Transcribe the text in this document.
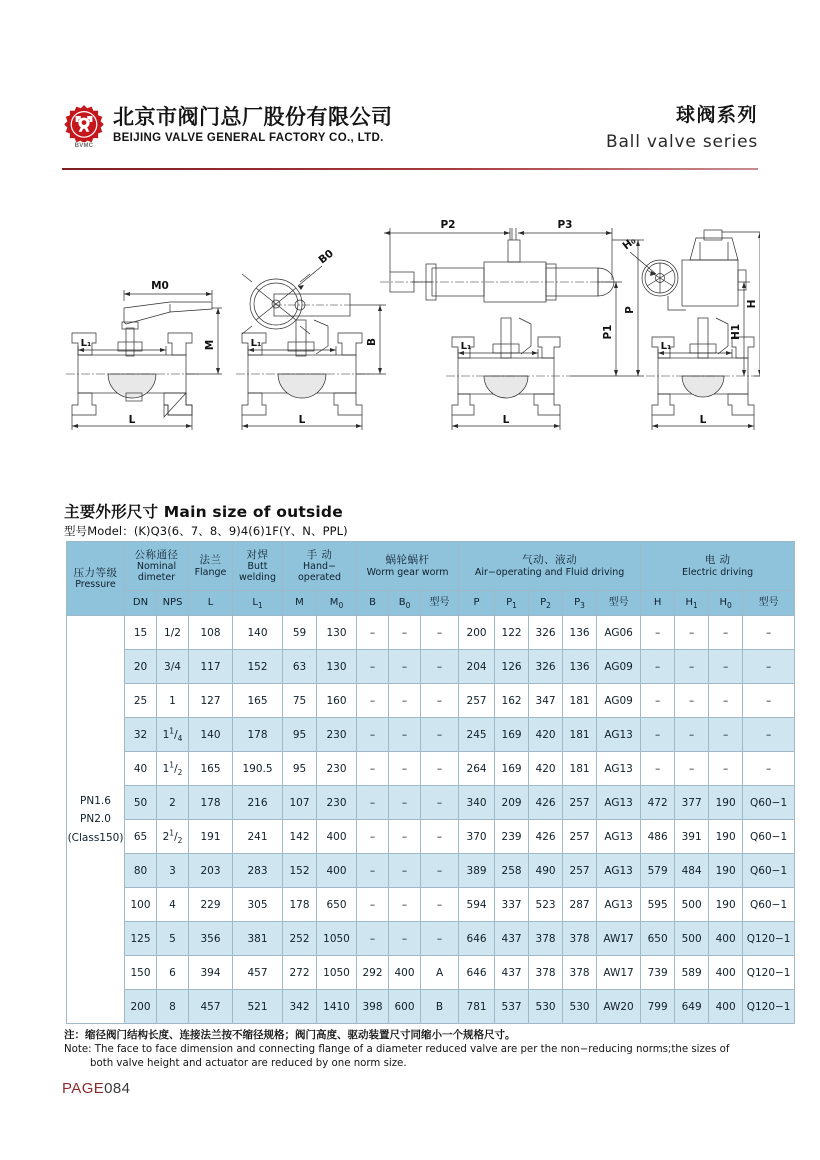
BVMC
北京市阀门总厂股份有限公司
BEIJING VALVE GENERAL FACTORY CO., LTD.
球阀系列
Ball valve series
M0
M
L₁
L
B0
B
L₁
L
P2	P3
P
P1
L₁
L
H₀
H
H1
L₁
L
主要外形尺寸 Main size of outside
型号Model：(K)Q3(6、7、8、9)4(6)1F(Y、N、PPL)
压力等级
Pressure

公称通径
Nominal
dimeter

法兰
Flange

对焊
Butt
welding

手 动
Hand−
operated

蜗轮蜗杆
Worm gear worm

气动、液动
Air−operating and Fluid driving

电 动
Electric driving

	DN	NPS	L	$L_1$	M	$M_0$	B	$B_0$	型号	P	$P_1$	$P_2$	$P_3$	型号	H	$H_1$	$H_0$	型号

PN1.6
PN2.0
(Class150)	15	1/2	108	140	59	130	–	–	–	200	122	326	136	AG06	–	–	–	–
	20	3/4	117	152	63	130	–	–	–	204	126	326	136	AG09	–	–	–	–
	25	1	127	165	75	160	–	–	–	257	162	347	181	AG09	–	–	–	–
	32	$1^1/_4$	140	178	95	230	–	–	–	245	169	420	181	AG13	–	–	–	–
	40	$1^1/_2$	165	190.5	95	230	–	–	–	264	169	420	181	AG13	–	–	–	–
	50	2	178	216	107	230	–	–	–	340	209	426	257	AG13	472	377	190	Q60−1
	65	$2^1/_2$	191	241	142	400	–	–	–	370	239	426	257	AG13	486	391	190	Q60−1
	80	3	203	283	152	400	–	–	–	389	258	490	257	AG13	579	484	190	Q60−1
	100	4	229	305	178	650	–	–	–	594	337	523	287	AG13	595	500	190	Q60−1
	125	5	356	381	252	1050	–	–	–	646	437	378	378	AW17	650	500	400	Q120−1
	150	6	394	457	272	1050	292	400	A	646	437	378	378	AW17	739	589	400	Q120−1
	200	8	457	521	342	1410	398	600	B	781	537	530	530	AW20	799	649	400	Q120−1
注：缩径阀门结构长度、连接法兰按不缩径规格；阀门高度、驱动装置尺寸同缩小一个规格尺寸。
Note: The face to face dimension and connecting flange of a diameter reduced valve are per the non−reducing norms;the sizes of
both valve height and actuator are reduced by one norm size.
PAGE084
